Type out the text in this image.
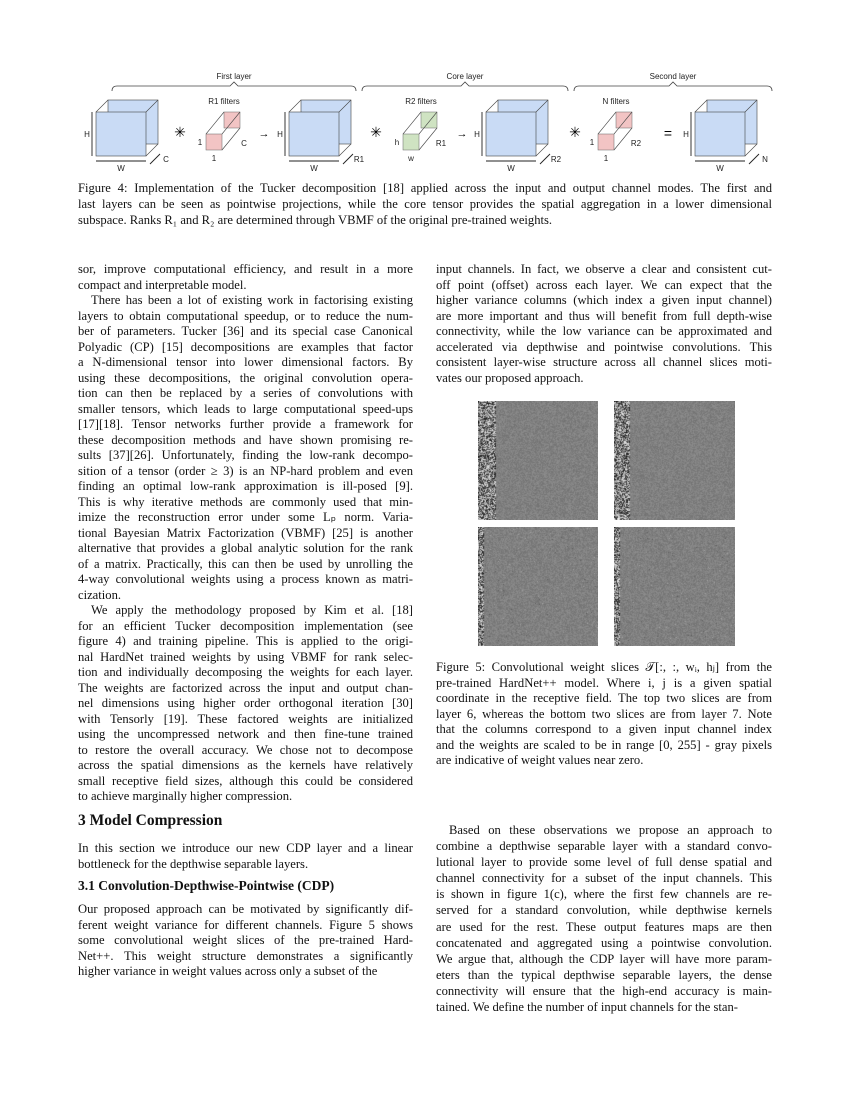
First layer	Core layer	Second layer
H
W
C
H
W
R1
H
W
R2
H
W
N
R1 filters
1
1
C
R2 filters
h
w
R1
N filters
1
1
R2
✳	✳	✳
→	→	=
Figure 4: Implementation of the Tucker decomposition [18] applied across the input and output channel modes. The first and
last layers can be seen as pointwise projections, while the core tensor provides the spatial aggregation in a lower dimensional
subspace. Ranks R₁ and R₂ are determined through VBMF of the original pre-trained weights.
sor, improve computational efficiency, and result in a more
compact and interpretable model.
There has been a lot of existing work in factorising existing
layers to obtain computational speedup, or to reduce the num-
ber of parameters. Tucker [36] and its special case Canonical
Polyadic (CP) [15] decompositions are examples that factor
a N-dimensional tensor into lower dimensional factors. By
using these decompositions, the original convolution opera-
tion can then be replaced by a series of convolutions with
smaller tensors, which leads to large computational speed-ups
[17][18]. Tensor networks further provide a framework for
these decomposition methods and have shown promising re-
sults [37][26]. Unfortunately, finding the low-rank decompo-
sition of a tensor (order ≥ 3) is an NP-hard problem and even
finding an optimal low-rank approximation is ill-posed [9].
This is why iterative methods are commonly used that min-
imize the reconstruction error under some Lₚ norm. Varia-
tional Bayesian Matrix Factorization (VBMF) [25] is another
alternative that provides a global analytic solution for the rank
of a matrix. Practically, this can then be used by unrolling the
4-way convolutional weights using a process known as matri-
cization.
We apply the methodology proposed by Kim et al. [18]
for an efficient Tucker decomposition implementation (see
figure 4) and training pipeline. This is applied to the origi-
nal HardNet trained weights by using VBMF for rank selec-
tion and individually decomposing the weights for each layer.
The weights are factorized across the input and output chan-
nel dimensions using higher order orthogonal iteration [30]
with Tensorly [19]. These factored weights are initialized
using the uncompressed network and then fine-tune trained
to restore the overall accuracy. We chose not to decompose
across the spatial dimensions as the kernels have relatively
small receptive field sizes, although this could be considered
to achieve marginally higher compression.
3 Model Compression
In this section we introduce our new CDP layer and a linear
bottleneck for the depthwise separable layers.
3.1 Convolution-Depthwise-Pointwise (CDP)
Our proposed approach can be motivated by significantly dif-
ferent weight variance for different channels. Figure 5 shows
some convolutional weight slices of the pre-trained Hard-
Net++. This weight structure demonstrates a significantly
higher variance in weight values across only a subset of the
input channels. In fact, we observe a clear and consistent cut-
off point (offset) across each layer. We can expect that the
higher variance columns (which index a given input channel)
are more important and thus will benefit from full depth-wise
connectivity, while the low variance can be approximated and
accelerated via depthwise and pointwise convolutions. This
consistent layer-wise structure across all channel slices moti-
vates our proposed approach.
Figure 5: Convolutional weight slices 𝒯[:, :, wᵢ, hⱼ] from the
pre-trained HardNet++ model. Where i, j is a given spatial
coordinate in the receptive field. The top two slices are from
layer 6, whereas the bottom two slices are from layer 7. Note
that the columns correspond to a given input channel index
and the weights are scaled to be in range [0, 255] - gray pixels
are indicative of weight values near zero.
Based on these observations we propose an approach to
combine a depthwise separable layer with a standard convo-
lutional layer to provide some level of full dense spatial and
channel connectivity for a subset of the input channels. This
is shown in figure 1(c), where the first few channels are re-
served for a standard convolution, while depthwise kernels
are used for the rest. These output features maps are then
concatenated and aggregated using a pointwise convolution.
We argue that, although the CDP layer will have more param-
eters than the typical depthwise separable layers, the dense
connectivity will ensure that the high-end accuracy is main-
tained. We define the number of input channels for the stan-
